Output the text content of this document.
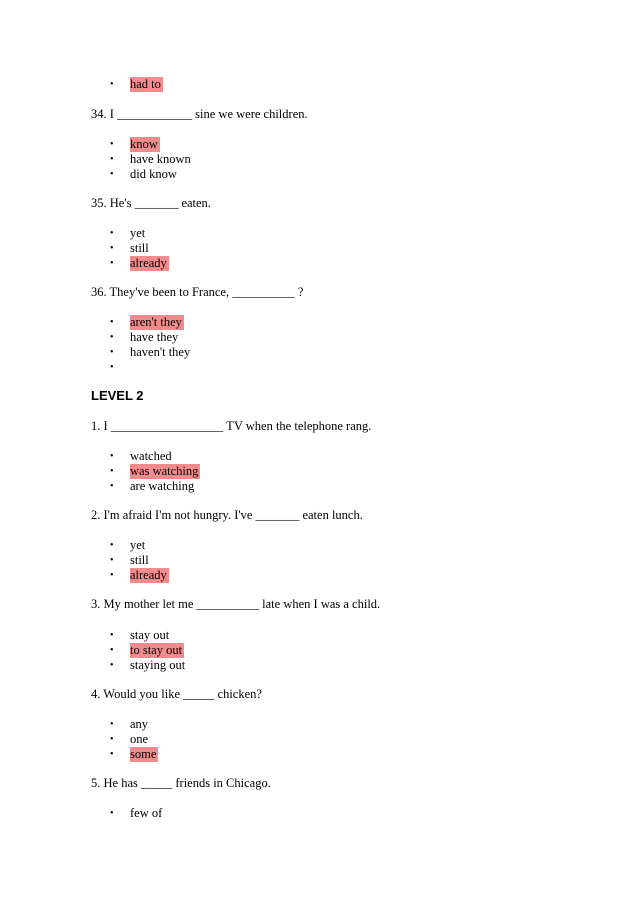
• had to
34. I ____________ sine we were children.
• know
• have known
• did know
35. He's _______ eaten.
• yet
• still
• already
36. They've been to France, __________ ?
• aren't they
• have they
• haven't they
•
LEVEL 2
1. I __________________ TV when the telephone rang.
• watched
• was watching
• are watching
2. I'm afraid I'm not hungry. I've _______ eaten lunch.
• yet
• still
• already
3. My mother let me __________ late when I was a child.
• stay out
• to stay out
• staying out
4. Would you like _____ chicken?
• any
• one
• some
5. He has _____ friends in Chicago.
• few of
